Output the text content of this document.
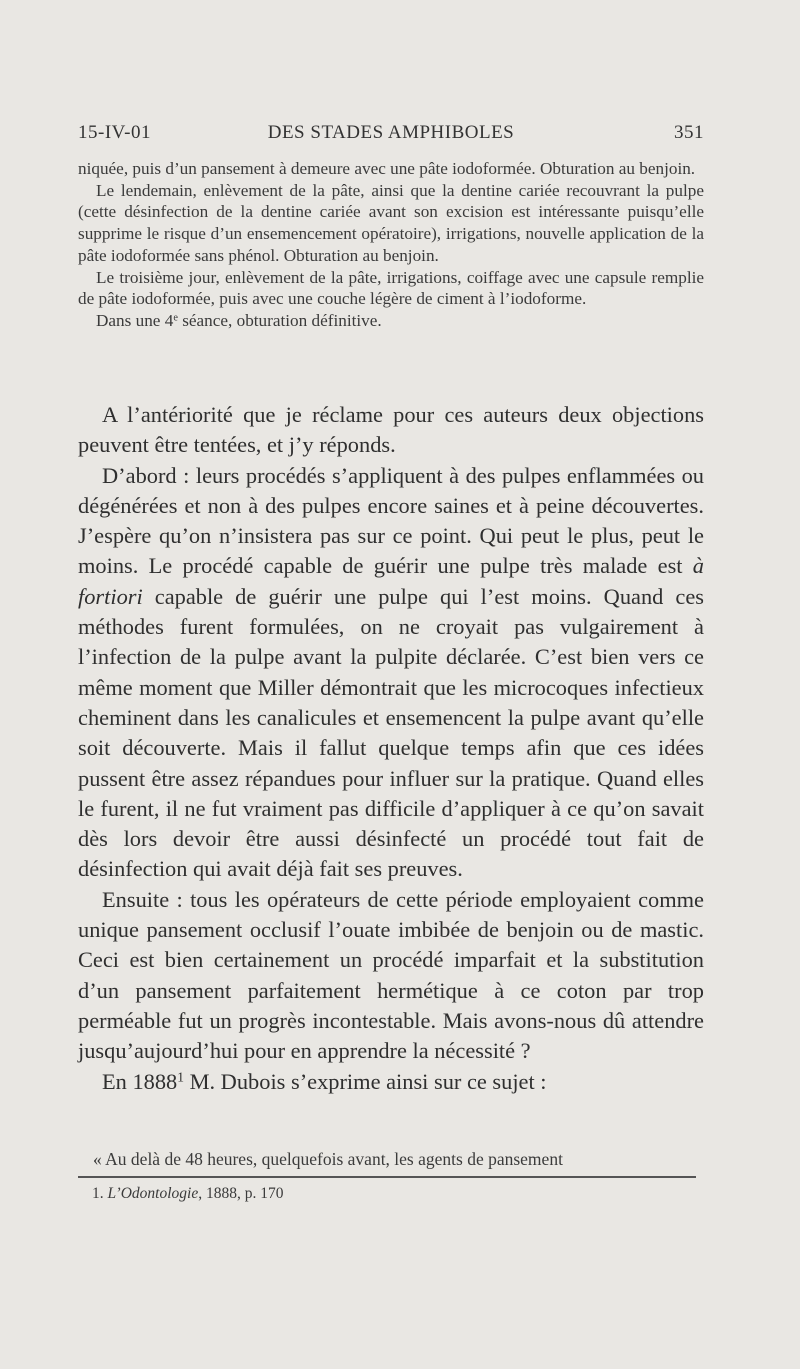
15-IV-01	DES STADES AMPHIBOLES	351

niquée, puis d’un pansement à demeure avec une pâte iodoformée. Obturation au benjoin.

Le lendemain, enlèvement de la pâte, ainsi que la dentine cariée recouvrant la pulpe (cette désinfection de la dentine cariée avant son excision est intéressante puisqu’elle supprime le risque d’un ensemencement opératoire), irrigations, nouvelle application de la pâte iodoformée sans phénol. Obturation au benjoin.

Le troisième jour, enlèvement de la pâte, irrigations, coiffage avec une capsule remplie de pâte iodoformée, puis avec une couche légère de ciment à l’iodoforme.

Dans une 4e séance, obturation définitive.

A l’antériorité que je réclame pour ces auteurs deux objections peuvent être tentées, et j’y réponds.

D’abord : leurs procédés s’appliquent à des pulpes enflammées ou dégénérées et non à des pulpes encore saines et à peine découvertes. J’espère qu’on n’insistera pas sur ce point. Qui peut le plus, peut le moins. Le procédé capable de guérir une pulpe très malade est à fortiori capable de guérir une pulpe qui l’est moins. Quand ces méthodes furent formulées, on ne croyait pas vulgairement à l’infection de la pulpe avant la pulpite déclarée. C’est bien vers ce même moment que Miller démontrait que les microcoques infectieux cheminent dans les canalicules et ensemencent la pulpe avant qu’elle soit découverte. Mais il fallut quelque temps afin que ces idées pussent être assez répandues pour influer sur la pratique. Quand elles le furent, il ne fut vraiment pas difficile d’appliquer à ce qu’on savait dès lors devoir être aussi désinfecté un procédé tout fait de désinfection qui avait déjà fait ses preuves.

Ensuite : tous les opérateurs de cette période employaient comme unique pansement occlusif l’ouate imbibée de benjoin ou de mastic. Ceci est bien certainement un procédé imparfait et la substitution d’un pansement parfaitement hermétique à ce coton par trop perméable fut un progrès incontestable. Mais avons-nous dû attendre jusqu’aujourd’hui pour en apprendre la nécessité ?

En 1888$^1$ M. Dubois s’exprime ainsi sur ce sujet :

« Au delà de 48 heures, quelquefois avant, les agents de pansement
1. L’Odontologie, 1888, p. 170
